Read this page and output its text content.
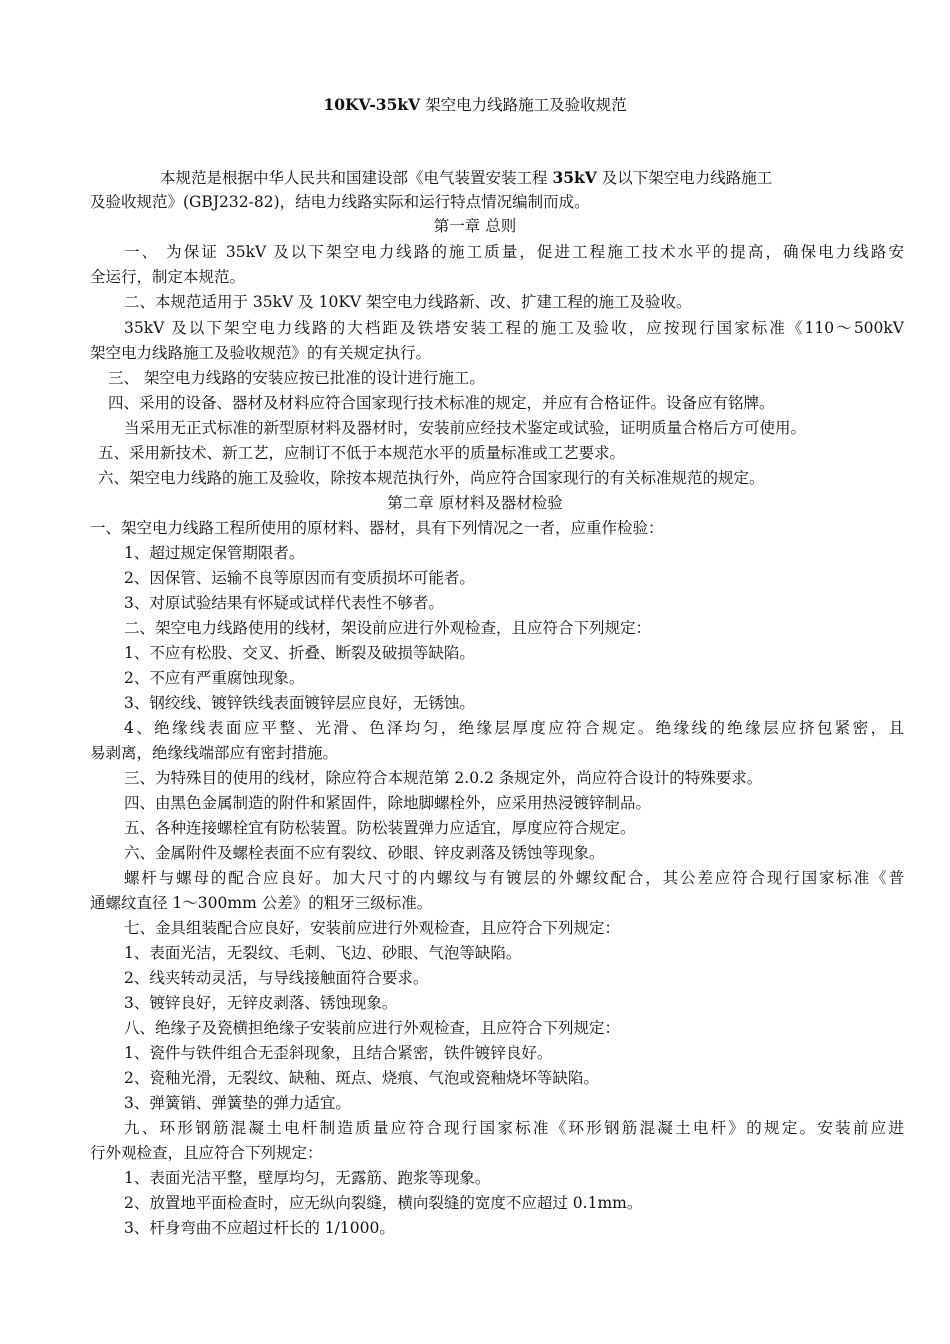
10KV-35kV 架空电力线路施工及验收规范
本规范是根据中华人民共和国建设部《电气装置安装工程 35kV 及以下架空电力线路施工
及验收规范》(GBJ232-82)，结电力线路实际和运行特点情况编制而成。
第一章 总则
一、 为保证 35kV 及以下架空电力线路的施工质量，促进工程施工技术水平的提高，确保电力线路安
全运行，制定本规范。
二、本规范适用于 35kV 及 10KV 架空电力线路新、改、扩建工程的施工及验收。
35kV 及以下架空电力线路的大档距及铁塔安装工程的施工及验收，应按现行国家标准《110～500kV
架空电力线路施工及验收规范》的有关规定执行。
三、 架空电力线路的安装应按已批准的设计进行施工。
四、采用的设备、器材及材料应符合国家现行技术标准的规定，并应有合格证件。设备应有铭牌。
当采用无正式标准的新型原材料及器材时，安装前应经技术鉴定或试验，证明质量合格后方可使用。
五、采用新技术、新工艺，应制订不低于本规范水平的质量标准或工艺要求。
六、架空电力线路的施工及验收，除按本规范执行外，尚应符合国家现行的有关标准规范的规定。
第二章 原材料及器材检验
一、架空电力线路工程所使用的原材料、器材，具有下列情况之一者，应重作检验：
1、超过规定保管期限者。
2、因保管、运输不良等原因而有变质损坏可能者。
3、对原试验结果有怀疑或试样代表性不够者。
二、架空电力线路使用的线材，架设前应进行外观检查，且应符合下列规定：
1、不应有松股、交叉、折叠、断裂及破损等缺陷。
2、不应有严重腐蚀现象。
3、钢绞线、镀锌铁线表面镀锌层应良好，无锈蚀。
4、绝缘线表面应平整、光滑、色泽均匀，绝缘层厚度应符合规定。绝缘线的绝缘层应挤包紧密，且
易剥离，绝缘线端部应有密封措施。
三、为特殊目的使用的线材，除应符合本规范第 2.0.2 条规定外，尚应符合设计的特殊要求。
四、由黑色金属制造的附件和紧固件，除地脚螺栓外，应采用热浸镀锌制品。
五、各种连接螺栓宜有防松装置。防松装置弹力应适宜，厚度应符合规定。
六、金属附件及螺栓表面不应有裂纹、砂眼、锌皮剥落及锈蚀等现象。
螺杆与螺母的配合应良好。加大尺寸的内螺纹与有镀层的外螺纹配合，其公差应符合现行国家标准《普
通螺纹直径 1～300mm 公差》的粗牙三级标准。
七、金具组装配合应良好，安装前应进行外观检查，且应符合下列规定：
1、表面光洁，无裂纹、毛刺、飞边、砂眼、气泡等缺陷。
2、线夹转动灵活，与导线接触面符合要求。
3、镀锌良好，无锌皮剥落、锈蚀现象。
八、绝缘子及瓷横担绝缘子安装前应进行外观检查，且应符合下列规定：
1、瓷件与铁件组合无歪斜现象，且结合紧密，铁件镀锌良好。
2、瓷釉光滑，无裂纹、缺釉、斑点、烧痕、气泡或瓷釉烧坏等缺陷。
3、弹簧销、弹簧垫的弹力适宜。
九、环形钢筋混凝土电杆制造质量应符合现行国家标准《环形钢筋混凝土电杆》的规定。安装前应进
行外观检查，且应符合下列规定：
1、表面光洁平整，壁厚均匀，无露筋、跑浆等现象。
2、放置地平面检查时，应无纵向裂缝，横向裂缝的宽度不应超过 0.1mm。
3、杆身弯曲不应超过杆长的 1/1000。
